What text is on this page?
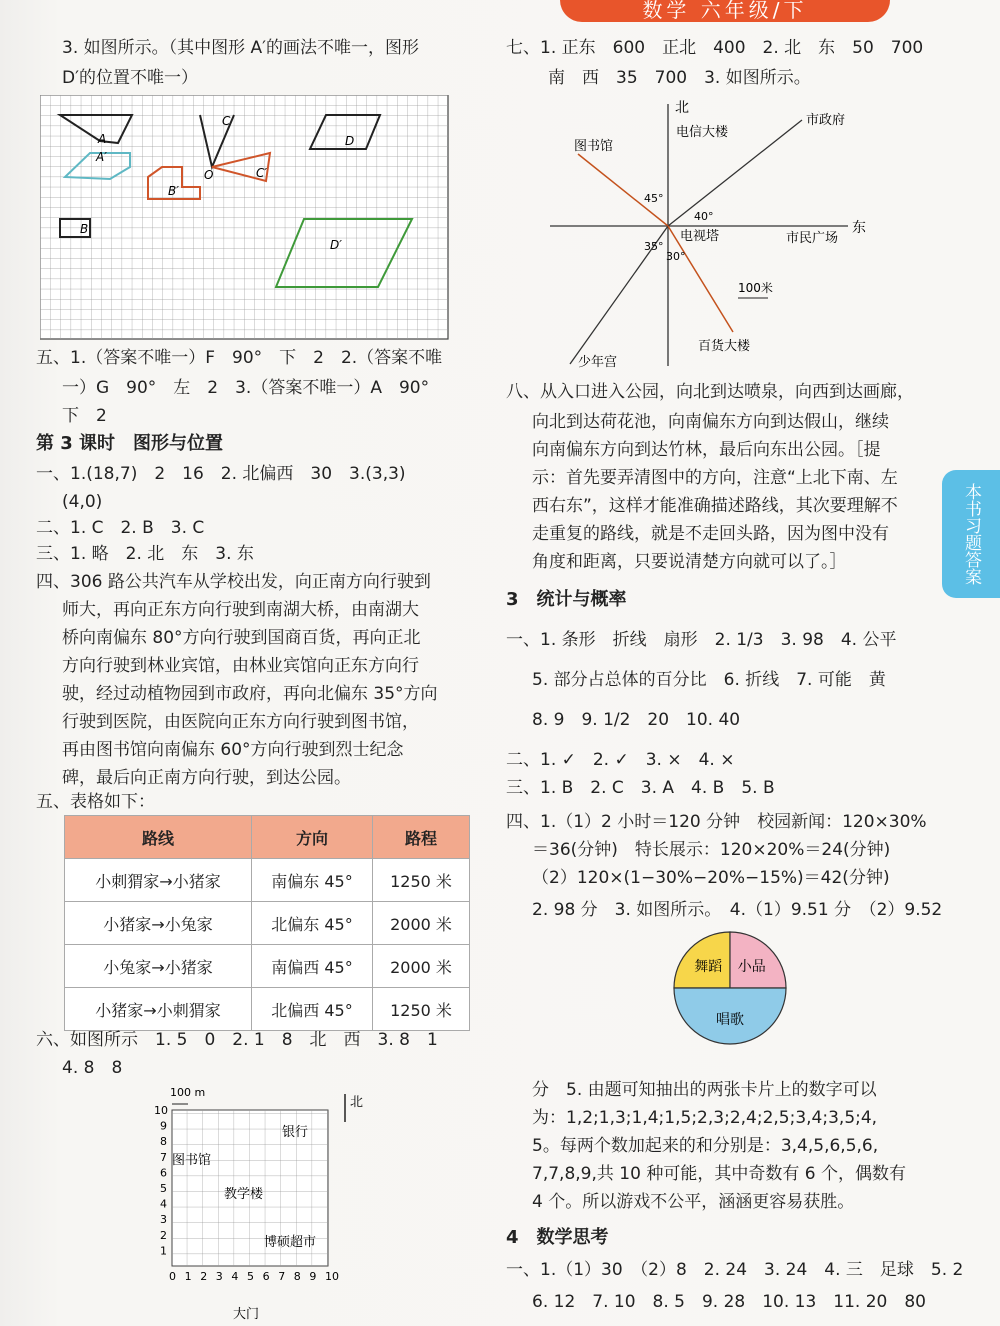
数学 六年级/下
本书习题答案
3. 如图所示。（其中图形 A′的画法不唯一，图形
D′的位置不唯一）
A
A′
B′
B
C
O	C′
D
D′
五、1.（答案不唯一）F　90°　下　2　2.（答案不唯
一）G　90°　左　2　3.（答案不唯一）A　90°
下　2
第 3 课时　图形与位置
一、1.(18,7)　2　16　2. 北偏西　30　3.(3,3)
(4,0)
二、1. C　2. B　3. C
三、1. 略　2. 北　东　3. 东
四、306 路公共汽车从学校出发，向正南方向行驶到
师大，再向正东方向行驶到南湖大桥，由南湖大
桥向南偏东 80°方向行驶到国商百货，再向正北
方向行驶到林业宾馆，由林业宾馆向正东方向行
驶，经过动植物园到市政府，再向北偏东 35°方向
行驶到医院，由医院向正东方向行驶到图书馆，
再由图书馆向南偏东 60°方向行驶到烈士纪念
碑，最后向正南方向行驶，到达公园。
五、表格如下：
路线	方向	路程
小刺猬家→小猪家	南偏东 45°	1250 米
小猪家→小兔家	北偏东 45°	2000 米
小兔家→小猪家	南偏西 45°	2000 米
小猪家→小刺猬家	北偏西 45°	1250 米
六、如图所示　1. 5　0　2. 1　8　北　西　3. 8　1
4. 8　8
100 m
北
大门
银行
图书馆
教学楼
博硕超市
0 1
1
2
2
3
3
4
4
5
5
6
6
7
7
8
8
9
9
10
10
七、1. 正东　600　正北　400　2. 北　东　50　700
南　西　35　700　3. 如图所示。
北
东
电信大楼
市政府
图书馆
电视塔	市民广场
少年宫
百货大楼
45°
40°
35°
30°
100米
八、从入口进入公园，向北到达喷泉，向西到达画廊，
向北到达荷花池，向南偏东方向到达假山，继续
向南偏东方向到达竹林，最后向东出公园。［提
示：首先要弄清图中的方向，注意“上北下南、左
西右东”，这样才能准确描述路线，其次要理解不
走重复的路线，就是不走回头路，因为图中没有
角度和距离，只要说清楚方向就可以了。］
3　统计与概率
一、1. 条形　折线　扇形　2. 1/3　3. 98　4. 公平
5. 部分占总体的百分比　6. 折线　7. 可能　黄
8. 9　9. 1/2　20　10. 40
二、1. ✓　2. ✓　3. ×　4. ×
三、1. B　2. C　3. A　4. B　5. B
四、1.（1）2 小时＝120 分钟　校园新闻：120×30%
＝36(分钟)　特长展示：120×20%＝24(分钟)
（2）120×(1−30%−20%−15%)＝42(分钟)
2. 98 分　3. 如图所示。　4.（1）9.51 分　（2）9.52
舞蹈 小品
唱歌
分　5. 由题可知抽出的两张卡片上的数字可以
为：1,2;1,3;1,4;1,5;2,3;2,4;2,5;3,4;3,5;4,
5。每两个数加起来的和分别是：3,4,5,6,5,6,
7,7,8,9,共 10 种可能，其中奇数有 6 个，偶数有
4 个。所以游戏不公平，涵涵更容易获胜。
4　数学思考
一、1.（1）30　（2）8　2. 24　3. 24　4. 三　足球　5. 2
6. 12　7. 10　8. 5　9. 28　10. 13　11. 20　80
